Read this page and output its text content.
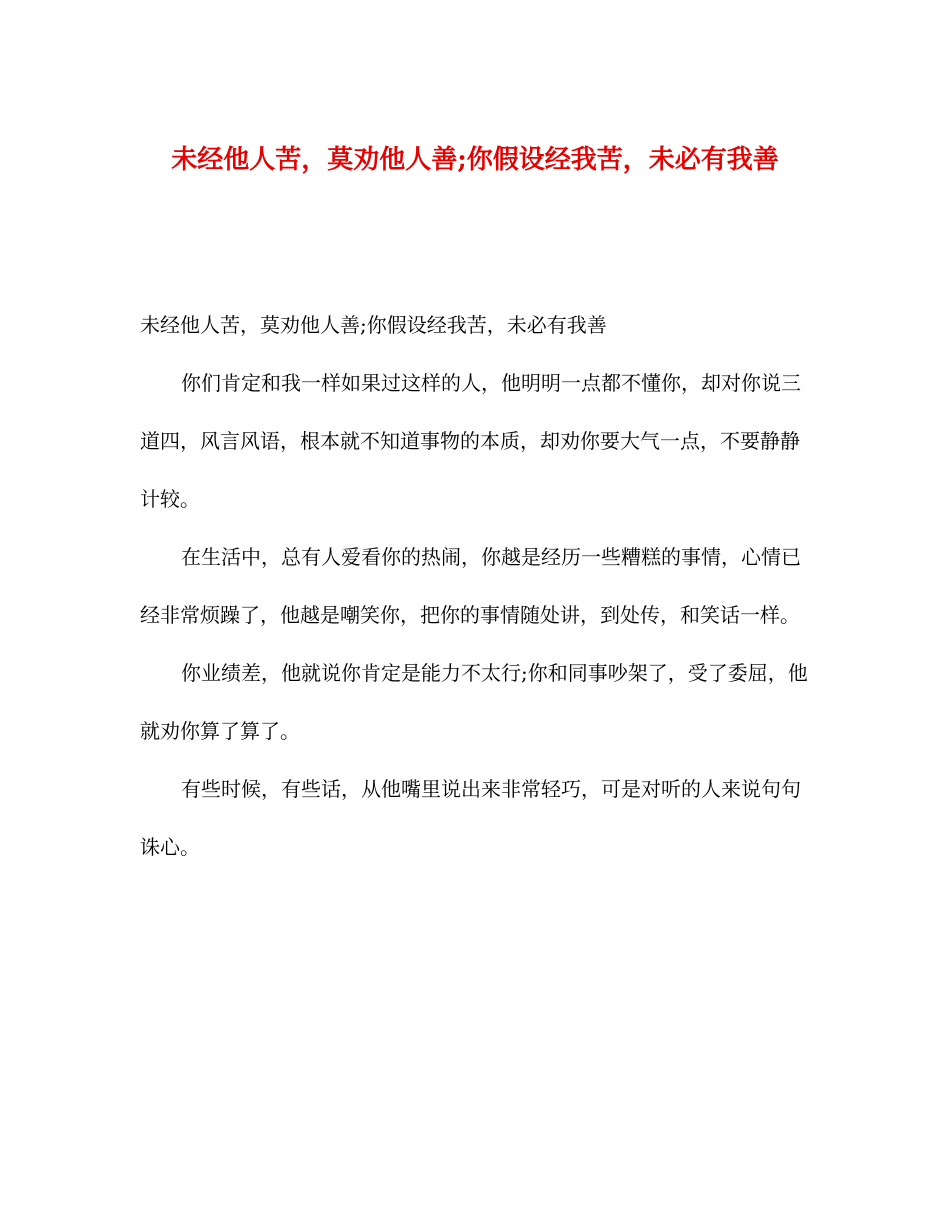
未经他人苦，莫劝他人善;你假设经我苦，未必有我善

未经他人苦，莫劝他人善;你假设经我苦，未必有我善

你们肯定和我一样如果过这样的人，他明明一点都不懂你，却对你说三道四，风言风语，根本就不知道事物的本质，却劝你要大气一点，不要静静计较。

在生活中，总有人爱看你的热闹，你越是经历一些糟糕的事情，心情已经非常烦躁了，他越是嘲笑你，把你的事情随处讲，到处传，和笑话一样。

你业绩差，他就说你肯定是能力不太行;你和同事吵架了，受了委屈，他就劝你算了算了。

有些时候，有些话，从他嘴里说出来非常轻巧，可是对听的人来说句句诛心。
